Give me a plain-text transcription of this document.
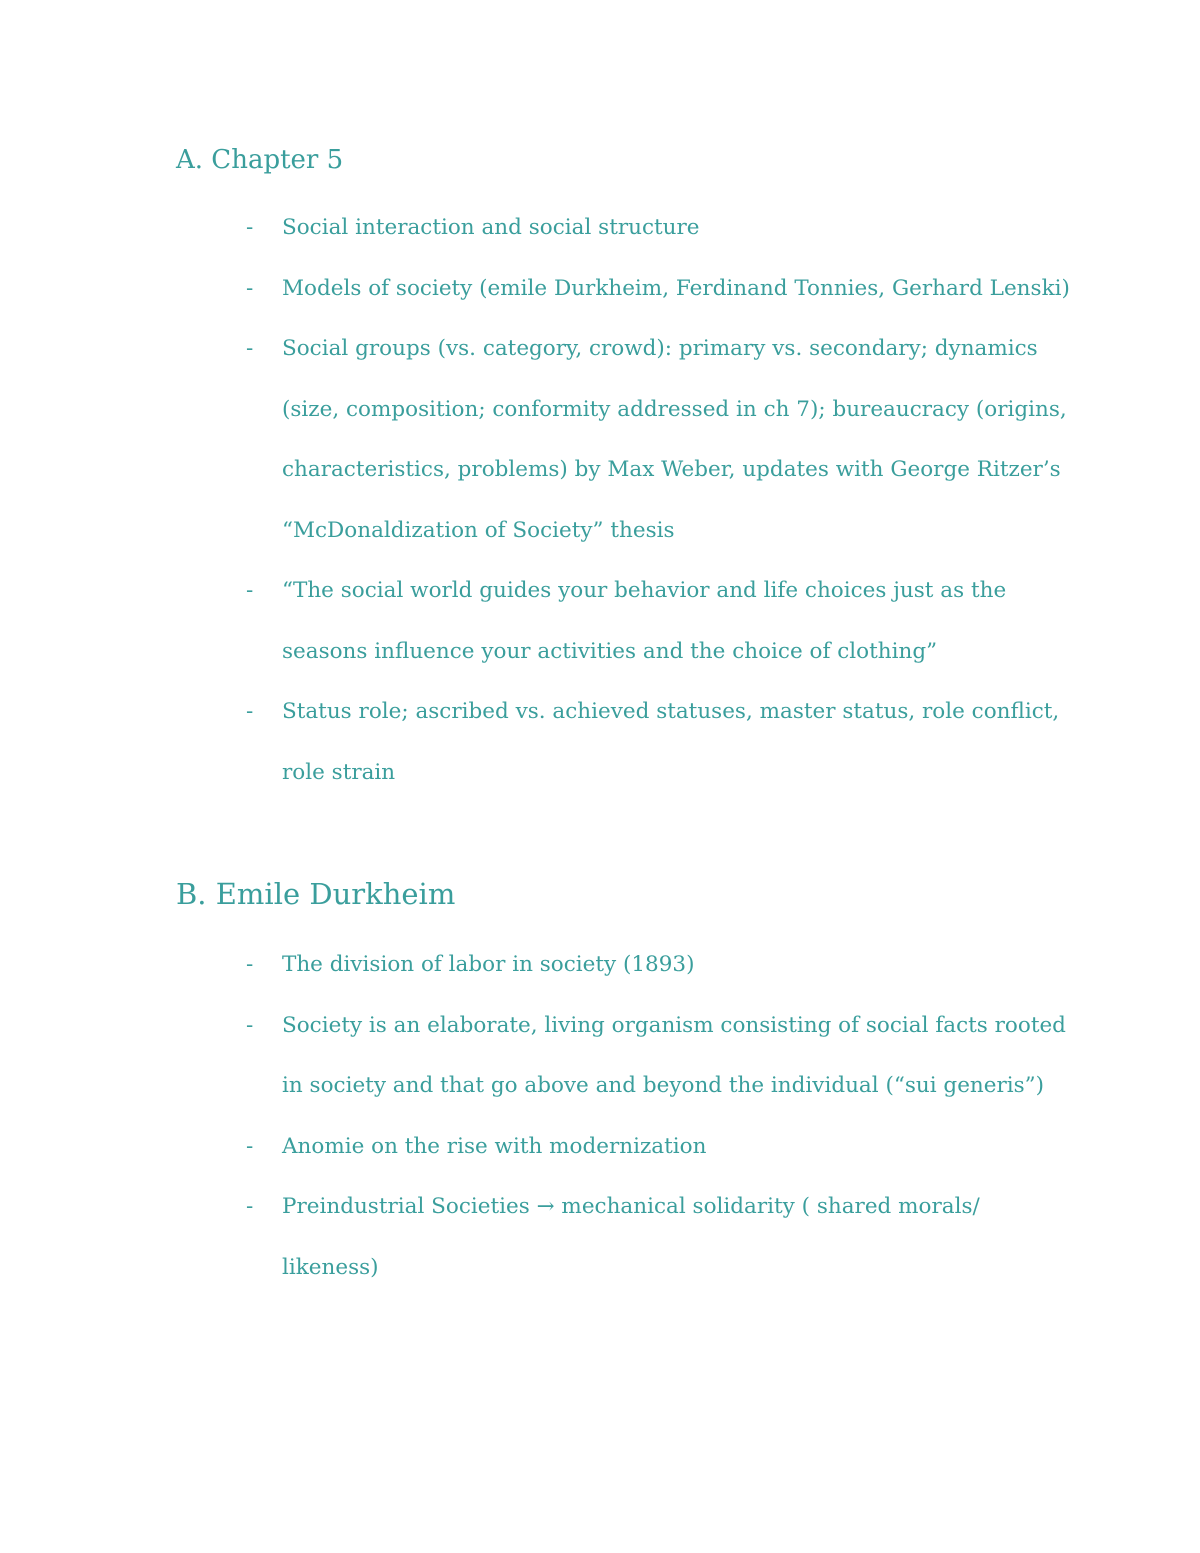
A. Chapter 5
- Social interaction and social structure
- Models of society (emile Durkheim, Ferdinand Tonnies, Gerhard Lenski)
- Social groups (vs. category, crowd): primary vs. secondary; dynamics (size, composition; conformity addressed in ch 7); bureaucracy (origins, characteristics, problems) by Max Weber, updates with George Ritzer’s “McDonaldization of Society” thesis
- “The social world guides your behavior and life choices just as the seasons influence your activities and the choice of clothing”
- Status role; ascribed vs. achieved statuses, master status, role conflict, role strain
B. Emile Durkheim
- The division of labor in society (1893)
- Society is an elaborate, living organism consisting of social facts rooted in society and that go above and beyond the individual (“sui generis”)
- Anomie on the rise with modernization
- Preindustrial Societies → mechanical solidarity ( shared morals/ likeness)
